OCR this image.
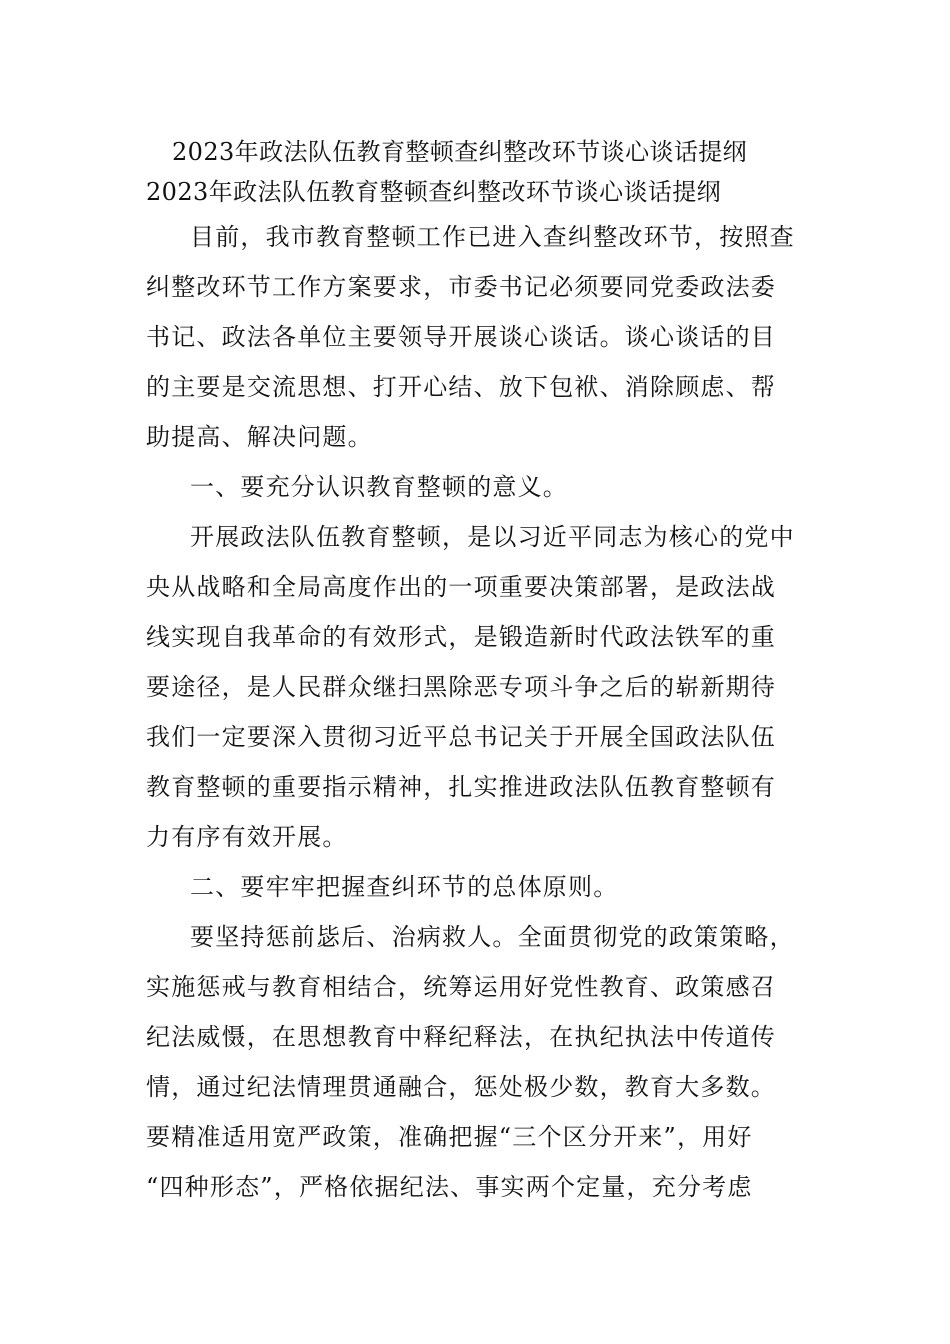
2023年政法队伍教育整顿查纠整改环节谈心谈话提纲
2023年政法队伍教育整顿查纠整改环节谈心谈话提纲

目前，我市教育整顿工作已进入查纠整改环节，按照查
纠整改环节工作方案要求，市委书记必须要同党委政法委
书记、政法各单位主要领导开展谈心谈话。谈心谈话的目
的主要是交流思想、打开心结、放下包袱、消除顾虑、帮
助提高、解决问题。

一、要充分认识教育整顿的意义。

开展政法队伍教育整顿，是以习近平同志为核心的党中
央从战略和全局高度作出的一项重要决策部署，是政法战
线实现自我革命的有效形式，是锻造新时代政法铁军的重
要途径，是人民群众继扫黑除恶专项斗争之后的崭新期待
我们一定要深入贯彻习近平总书记关于开展全国政法队伍
教育整顿的重要指示精神，扎实推进政法队伍教育整顿有
力有序有效开展。

二、要牢牢把握查纠环节的总体原则。

要坚持惩前毖后、治病救人。全面贯彻党的政策策略，
实施惩戒与教育相结合，统筹运用好党性教育、政策感召
纪法威慑，在思想教育中释纪释法，在执纪执法中传道传
情，通过纪法情理贯通融合，惩处极少数，教育大多数。
要精准适用宽严政策，准确把握“三个区分开来”，用好
“四种形态”，严格依据纪法、事实两个定量，充分考虑
